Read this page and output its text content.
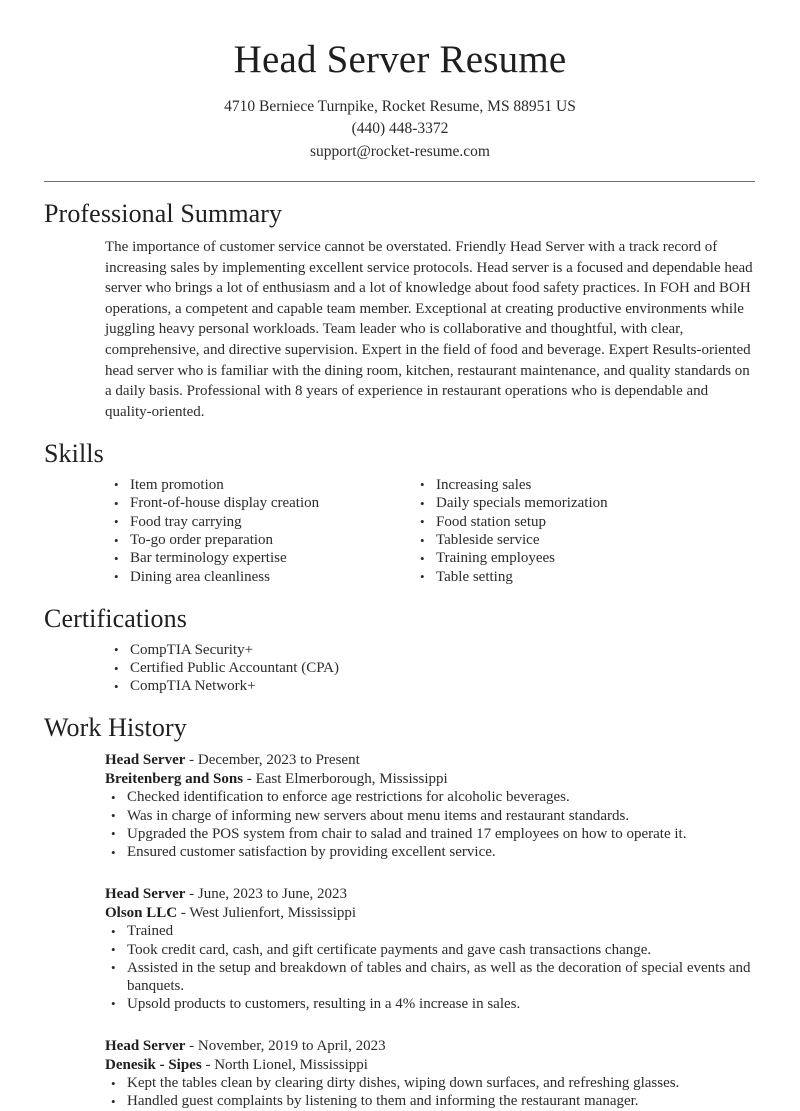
Head Server Resume
4710 Berniece Turnpike, Rocket Resume, MS 88951 US
(440) 448-3372
support@rocket-resume.com
Professional Summary

The importance of customer service cannot be overstated. Friendly Head Server with a track record of increasing sales by implementing excellent service protocols. Head server is a focused and dependable head server who brings a lot of enthusiasm and a lot of knowledge about food safety practices. In FOH and BOH operations, a competent and capable team member. Exceptional at creating productive environments while juggling heavy personal workloads. Team leader who is collaborative and thoughtful, with clear, comprehensive, and directive supervision. Expert in the field of food and beverage. Expert Results-oriented head server who is familiar with the dining room, kitchen, restaurant maintenance, and quality standards on a daily basis. Professional with 8 years of experience in restaurant operations who is dependable and quality-oriented.

Skills
• Item promotion
• Front-of-house display creation
• Food tray carrying
• To-go order preparation
• Bar terminology expertise
• Dining area cleanliness
• Increasing sales
• Daily specials memorization
• Food station setup
• Tableside service
• Training employees
• Table setting
Certifications
• CompTIA Security+
• Certified Public Accountant (CPA)
• CompTIA Network+
Work History
Head Server - December, 2023 to Present
Breitenberg and Sons - East Elmerborough, Mississippi
• Checked identification to enforce age restrictions for alcoholic beverages.
• Was in charge of informing new servers about menu items and restaurant standards.
• Upgraded the POS system from chair to salad and trained 17 employees on how to operate it.
• Ensured customer satisfaction by providing excellent service.
Head Server - June, 2023 to June, 2023
Olson LLC - West Julienfort, Mississippi
• Trained
• Took credit card, cash, and gift certificate payments and gave cash transactions change.
• Assisted in the setup and breakdown of tables and chairs, as well as the decoration of special events and banquets.
• Upsold products to customers, resulting in a 4% increase in sales.
Head Server - November, 2019 to April, 2023
Denesik - Sipes - North Lionel, Mississippi
• Kept the tables clean by clearing dirty dishes, wiping down surfaces, and refreshing glasses.
• Handled guest complaints by listening to them and informing the restaurant manager.
